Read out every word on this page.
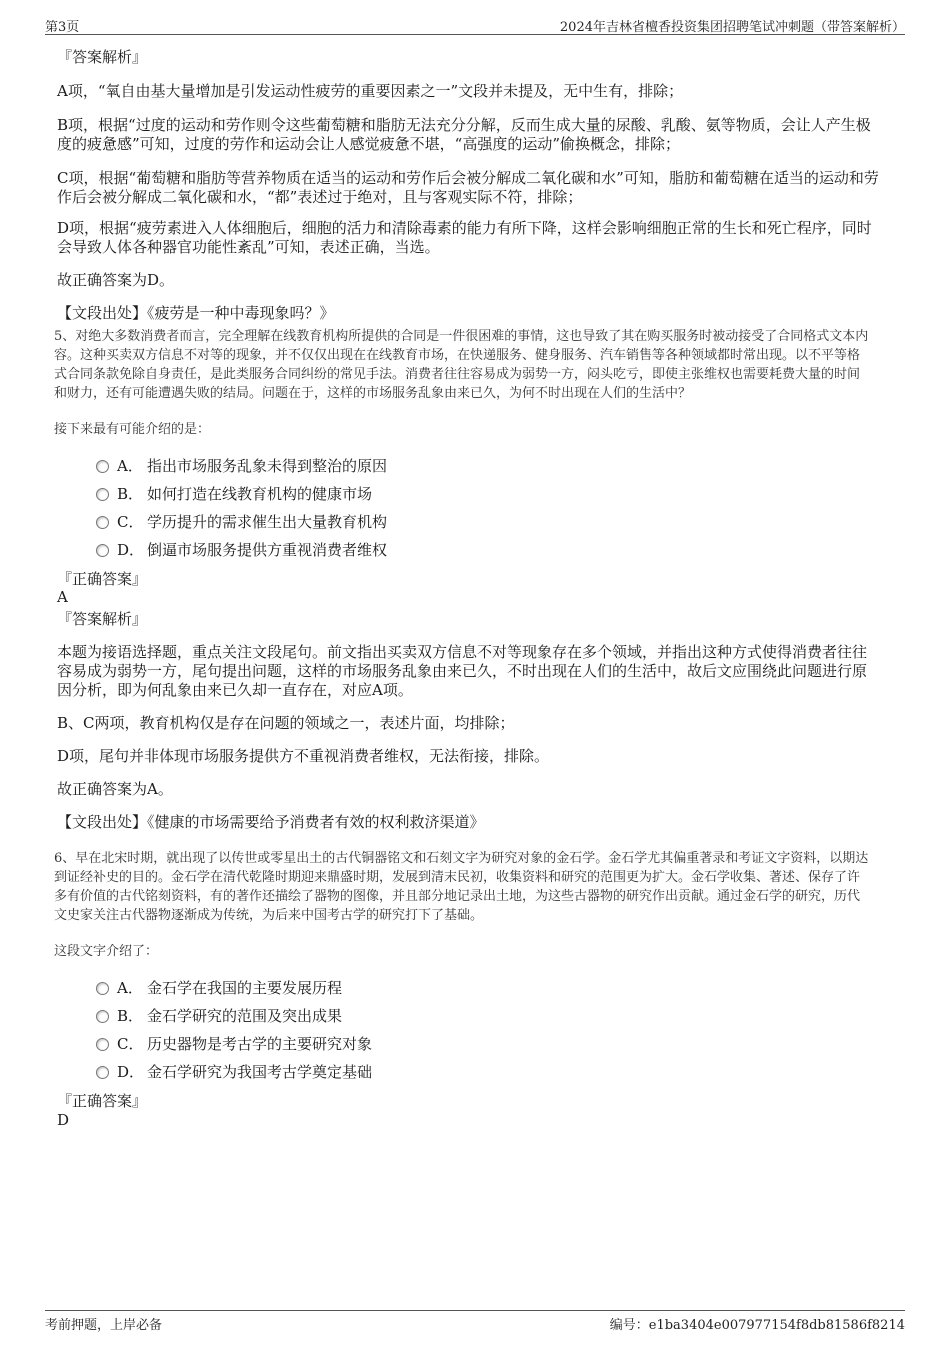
第3页	2024年吉林省檀香投资集团招聘笔试冲刺题（带答案解析）
『答案解析』
A项，“氧自由基大量增加是引发运动性疲劳的重要因素之一”文段并未提及，无中生有，排除；
B项，根据“过度的运动和劳作则令这些葡萄糖和脂肪无法充分分解，反而生成大量的尿酸、乳酸、氨等物质，会让人产生极
度的疲惫感”可知，过度的劳作和运动会让人感觉疲惫不堪，“高强度的运动”偷换概念，排除；
C项，根据“葡萄糖和脂肪等营养物质在适当的运动和劳作后会被分解成二氧化碳和水”可知，脂肪和葡萄糖在适当的运动和劳
作后会被分解成二氧化碳和水，“都”表述过于绝对，且与客观实际不符，排除；
D项，根据“疲劳素进入人体细胞后，细胞的活力和清除毒素的能力有所下降，这样会影响细胞正常的生长和死亡程序，同时
会导致人体各种器官功能性紊乱”可知，表述正确，当选。
故正确答案为D。
【文段出处】《疲劳是一种中毒现象吗？》
5、对绝大多数消费者而言，完全理解在线教育机构所提供的合同是一件很困难的事情，这也导致了其在购买服务时被动接受了合同格式文本内
容。这种买卖双方信息不对等的现象，并不仅仅出现在在线教育市场，在快递服务、健身服务、汽车销售等各种领域都时常出现。以不平等格
式合同条款免除自身责任，是此类服务合同纠纷的常见手法。消费者往往容易成为弱势一方，闷头吃亏，即使主张维权也需要耗费大量的时间
和财力，还有可能遭遇失败的结局。问题在于，这样的市场服务乱象由来已久，为何不时出现在人们的生活中？
接下来最有可能介绍的是：
A． 指出市场服务乱象未得到整治的原因
B． 如何打造在线教育机构的健康市场
C． 学历提升的需求催生出大量教育机构
D． 倒逼市场服务提供方重视消费者维权
『正确答案』
A
『答案解析』
本题为接语选择题，重点关注文段尾句。前文指出买卖双方信息不对等现象存在多个领域，并指出这种方式使得消费者往往
容易成为弱势一方，尾句提出问题，这样的市场服务乱象由来已久，不时出现在人们的生活中，故后文应围绕此问题进行原
因分析，即为何乱象由来已久却一直存在，对应A项。
B、C两项，教育机构仅是存在问题的领域之一，表述片面，均排除；
D项，尾句并非体现市场服务提供方不重视消费者维权，无法衔接，排除。
故正确答案为A。
【文段出处】《健康的市场需要给予消费者有效的权利救济渠道》
6、早在北宋时期，就出现了以传世或零星出土的古代铜器铭文和石刻文字为研究对象的金石学。金石学尤其偏重著录和考证文字资料，以期达
到证经补史的目的。金石学在清代乾隆时期迎来鼎盛时期，发展到清末民初，收集资料和研究的范围更为扩大。金石学收集、著述、保存了许
多有价值的古代铭刻资料，有的著作还描绘了器物的图像，并且部分地记录出土地，为这些古器物的研究作出贡献。通过金石学的研究，历代
文史家关注古代器物逐渐成为传统，为后来中国考古学的研究打下了基础。
这段文字介绍了：
A． 金石学在我国的主要发展历程
B． 金石学研究的范围及突出成果
C． 历史器物是考古学的主要研究对象
D． 金石学研究为我国考古学奠定基础
『正确答案』
D
考前押题，上岸必备	编号：e1ba3404e007977154f8db81586f8214
